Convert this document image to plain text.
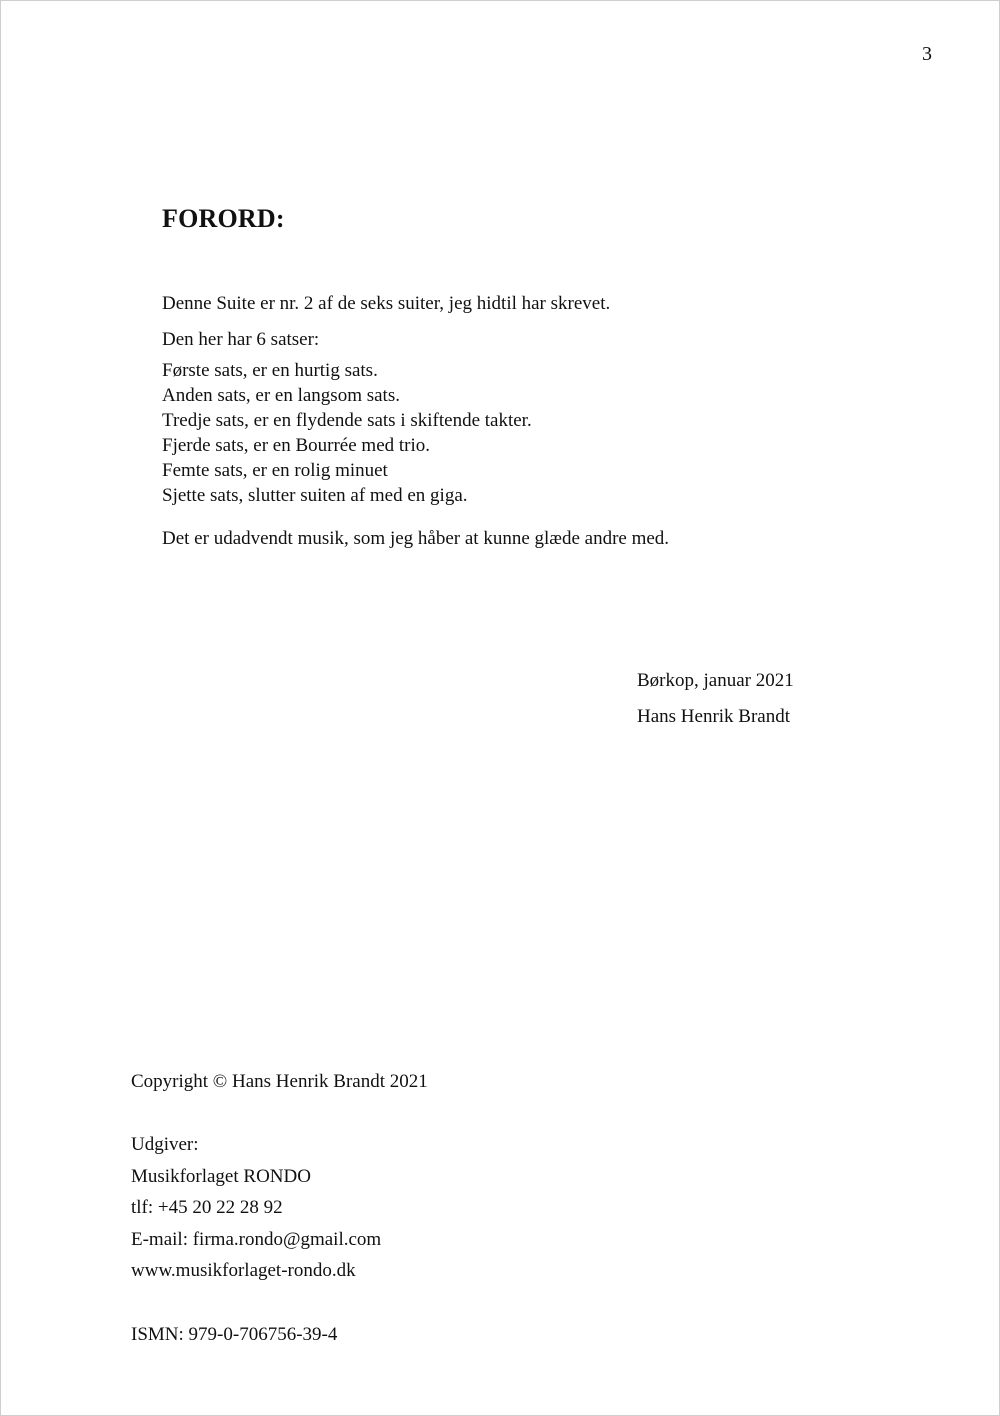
3
FORORD:
Denne Suite er nr. 2 af de seks suiter, jeg hidtil har skrevet.
Den her har 6 satser:
Første sats, er en hurtig sats.
Anden sats, er en langsom sats.
Tredje sats, er en flydende sats i skiftende takter.
Fjerde sats, er en Bourrée med trio.
Femte sats, er en rolig minuet
Sjette sats, slutter suiten af med en giga.
Det er udadvendt musik, som jeg håber at kunne glæde andre med.
Børkop, januar 2021
Hans Henrik Brandt
Copyright © Hans Henrik Brandt 2021
Udgiver:
Musikforlaget RONDO
tlf: +45 20 22 28 92
E-mail: firma.rondo@gmail.com
www.musikforlaget-rondo.dk
ISMN: 979-0-706756-39-4
